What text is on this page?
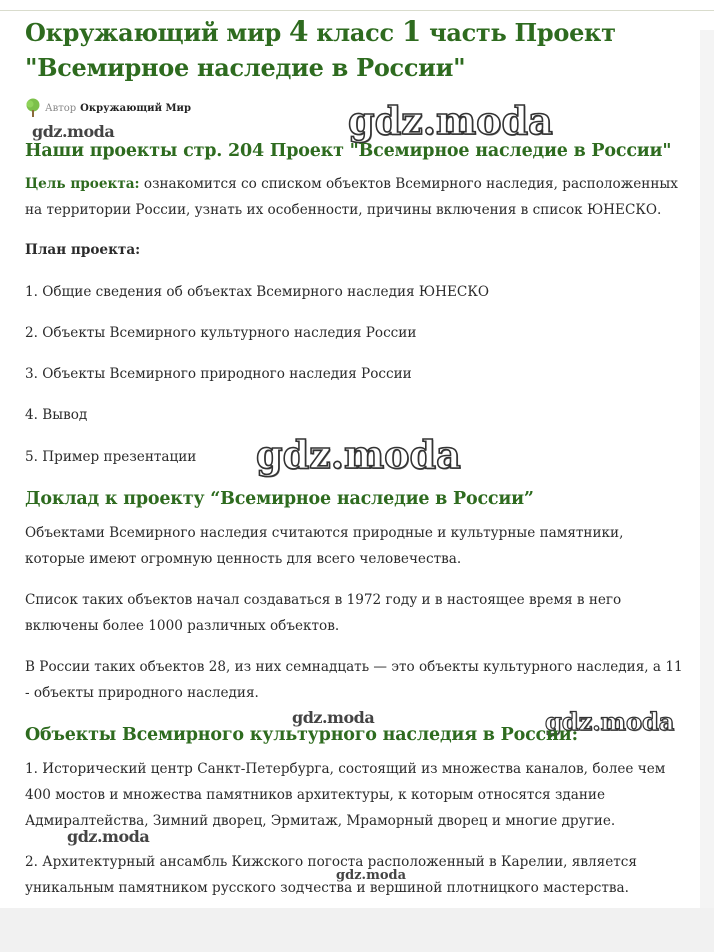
Окружающий мир 4 класс 1 часть Проект
"Всемирное наследие в России"
Автор Окружающий Мир
gdz.moda	gdz.moda
gdz.moda
gdz.moda	gdz.moda
gdz.moda
gdz.moda
Наши проекты стр. 204 Проект "Всемирное наследие в России"

Цель проекта: ознакомится со списком объектов Всемирного наследия, расположенных на территории России, узнать их особенности, причины включения в список ЮНЕСКО.

План проекта:

1. Общие сведения об объектах Всемирного наследия ЮНЕСКО

2. Объекты Всемирного культурного наследия России

3. Объекты Всемирного природного наследия России

4. Вывод

5. Пример презентации

Доклад к проекту “Всемирное наследие в России”

Объектами Всемирного наследия считаются природные и культурные памятники, которые имеют огромную ценность для всего человечества.

Список таких объектов начал создаваться в 1972 году и в настоящее время в него включены более 1000 различных объектов.

В России таких объектов 28, из них семнадцать — это объекты культурного наследия, а 11 - объекты природного наследия.

Объекты Всемирного культурного наследия в России:

1. Исторический центр Санкт-Петербурга, состоящий из множества каналов, более чем 400 мостов и множества памятников архитектуры, к которым относятся здание Адмиралтейства, Зимний дворец, Эрмитаж, Мраморный дворец и многие другие.

2. Архитектурный ансамбль Кижского погоста расположенный в Карелии, является уникальным памятником русского зодчества и вершиной плотницкого мастерства.
